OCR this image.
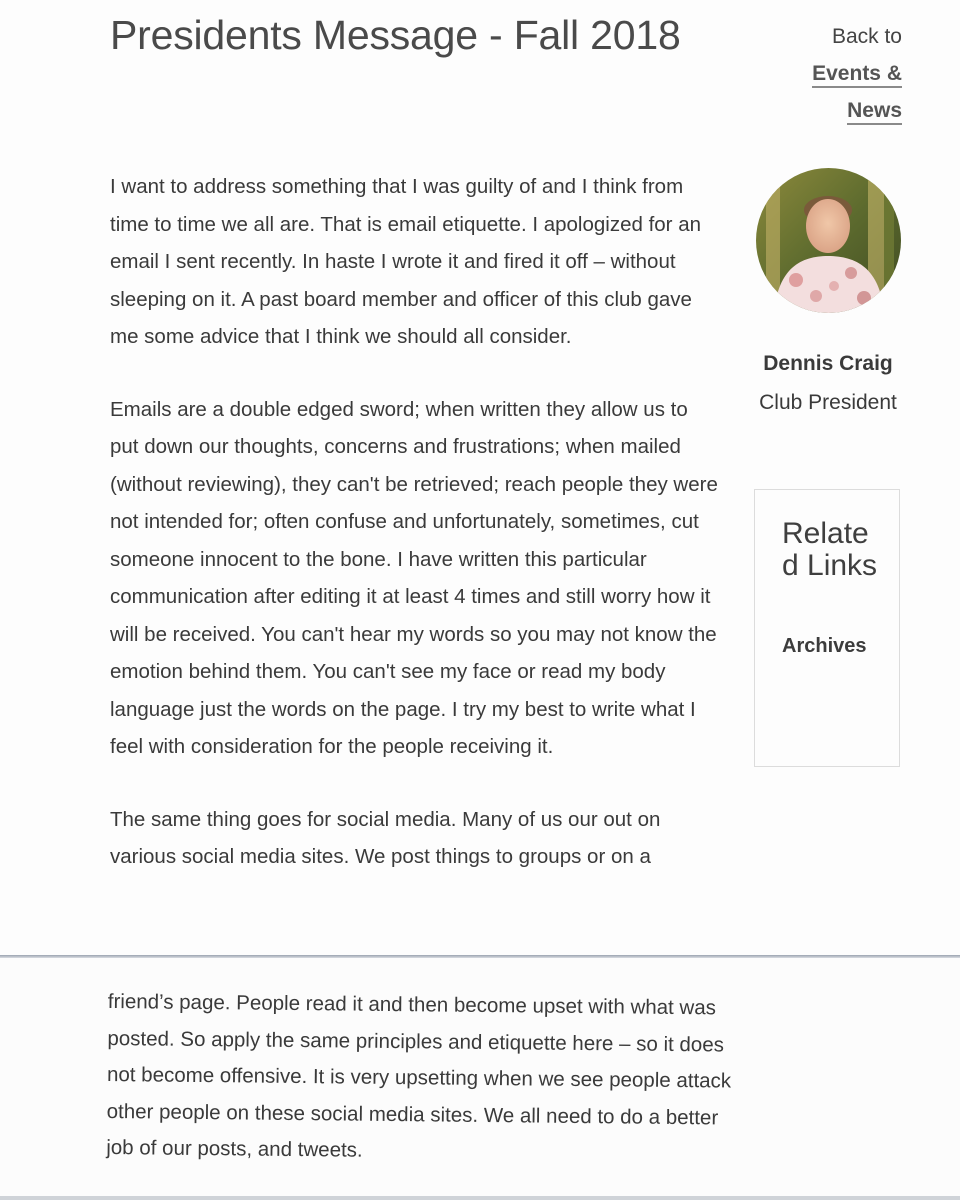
Presidents Message - Fall 2018	Back to
Events &
News

I want to address something that I was guilty of and I think from time to time we all are. That is email etiquette. I apologized for an email I sent recently. In haste I wrote it and fired it off – without sleeping on it. A past board member and officer of this club gave me some advice that I think we should all consider.

Emails are a double edged sword; when written they allow us to put down our thoughts, concerns and frustrations; when mailed (without reviewing), they can't be retrieved; reach people they were not intended for; often confuse and unfortunately, sometimes, cut someone innocent to the bone. I have written this particular communication after editing it at least 4 times and still worry how it will be received. You can't hear my words so you may not know the emotion behind them. You can't see my face or read my body language just the words on the page. I try my best to write what I feel with consideration for the people receiving it.

The same thing goes for social media. Many of us our out on various social media sites. We post things to groups or on a

Dennis Craig
Club President
Related Links
Archives

friend’s page. People read it and then become upset with what was posted. So apply the same principles and etiquette here – so it does not become offensive. It is very upsetting when we see people attack other people on these social media sites. We all need to do a better job of our posts, and tweets.
